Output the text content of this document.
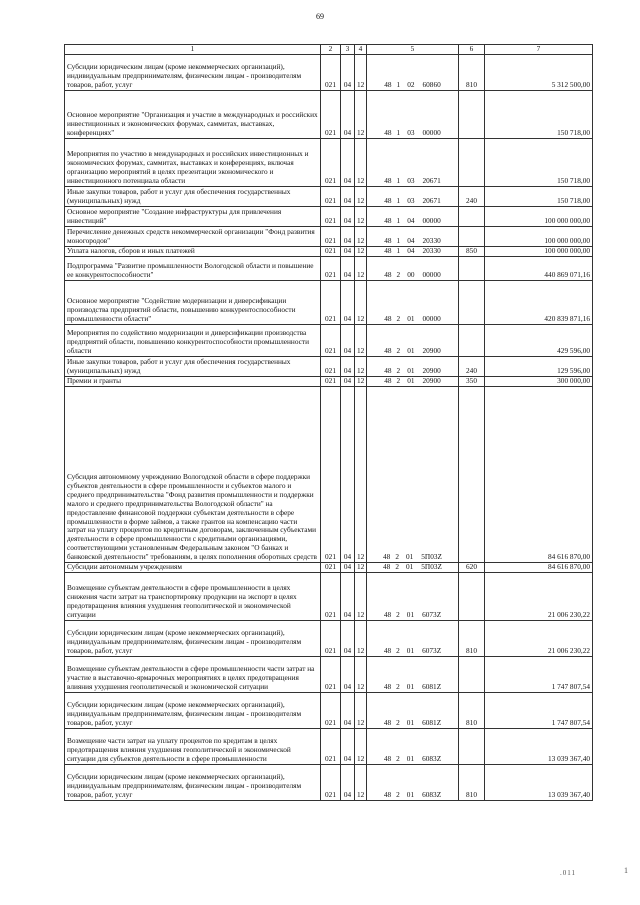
69
1	2	3	4	5	6	7
Субсидии юридическим лицам (кроме некоммерческих организаций), индивидуальным предпринимателям, физическим лицам - производителям товаров, работ, услуг	021	04	12	48 1 02 60860	810	5 312 500,00
Основное мероприятие "Организация и участие в международных и российских инвестиционных и экономических форумах, саммитах, выставках, конференциях"	021	04	12	48 1 03 00000		150 718,00
Мероприятия по участию в международных и российских инвестиционных и экономических форумах, саммитах, выставках и конференциях, включая организацию мероприятий в целях презентации экономического и инвестиционного потенциала области	021	04	12	48 1 03 20671		150 718,00
Иные закупки товаров, работ и услуг для обеспечения государственных (муниципальных) нужд	021	04	12	48 1 03 20671	240	150 718,00
Основное мероприятие "Создание инфраструктуры для привлечения инвестиций"	021	04	12	48 1 04 00000		100 000 000,00
Перечисление денежных средств некоммерческой организации "Фонд развития моногородов"	021	04	12	48 1 04 20330		100 000 000,00
Уплата налогов, сборов и иных платежей	021	04	12	48 1 04 20330	850	100 000 000,00
Подпрограмма "Развитие промышленности Вологодской области и повышение ее конкурентоспособности"	021	04	12	48 2 00 00000		440 869 071,16
Основное мероприятие "Содействие модернизации и диверсификации производства предприятий области, повышению конкурентоспособности промышленности области"	021	04	12	48 2 01 00000		420 839 871,16
Мероприятия по содействию модернизации и диверсификации производства предприятий области, повышению конкурентоспособности промышленности области	021	04	12	48 2 01 20900		429 596,00
Иные закупки товаров, работ и услуг для обеспечения государственных (муниципальных) нужд	021	04	12	48 2 01 20900	240	129 596,00
Премии и гранты	021	04	12	48 2 01 20900	350	300 000,00
Субсидия автономному учреждению Вологодской области в сфере поддержки субъектов деятельности в сфере промышленности и субъектов малого и среднего предпринимательства "Фонд развития промышленности и поддержки малого и среднего предпринимательства Вологодской области" на предоставление финансовой поддержки субъектам деятельности в сфере промышленности в форме займов, а также грантов на компенсацию части затрат на уплату процентов по кредитным договорам, заключенным субъектами деятельности в сфере промышленности с кредитными организациями, соответствующими установленным Федеральным законом "О банках и банковской деятельности" требованиям, в целях пополнения оборотных средств	021	04	12	48 2 01 5П03Z		84 616 870,00
Субсидии автономным учреждениям	021	04	12	48 2 01 5П03Z	620	84 616 870,00
Возмещение субъектам деятельности в сфере промышленности в целях снижения части затрат на транспортировку продукции на экспорт в целях предотвращения влияния ухудшения геополитической и экономической ситуации	021	04	12	48 2 01 6073Z		21 006 230,22
Субсидии юридическим лицам (кроме некоммерческих организаций), индивидуальным предпринимателям, физическим лицам - производителям товаров, работ, услуг	021	04	12	48 2 01 6073Z	810	21 006 230,22
Возмещение субъектам деятельности в сфере промышленности части затрат на участие в выставочно-ярмарочных мероприятиях в целях предотвращения влияния ухудшения геополитической и экономической ситуации	021	04	12	48 2 01 6081Z		1 747 807,54
Субсидии юридическим лицам (кроме некоммерческих организаций), индивидуальным предпринимателям, физическим лицам - производителям товаров, работ, услуг	021	04	12	48 2 01 6081Z	810	1 747 807,54
Возмещение части затрат на уплату процентов по кредитам в целях предотвращения влияния ухудшения геополитической и экономической ситуации для субъектов деятельности в сфере промышленности	021	04	12	48 2 01 6083Z		13 039 367,40
Субсидии юридическим лицам (кроме некоммерческих организаций), индивидуальным предпринимателям, физическим лицам - производителям товаров, работ, услуг	021	04	12	48 2 01 6083Z	810	13 039 367,40
.011	1
